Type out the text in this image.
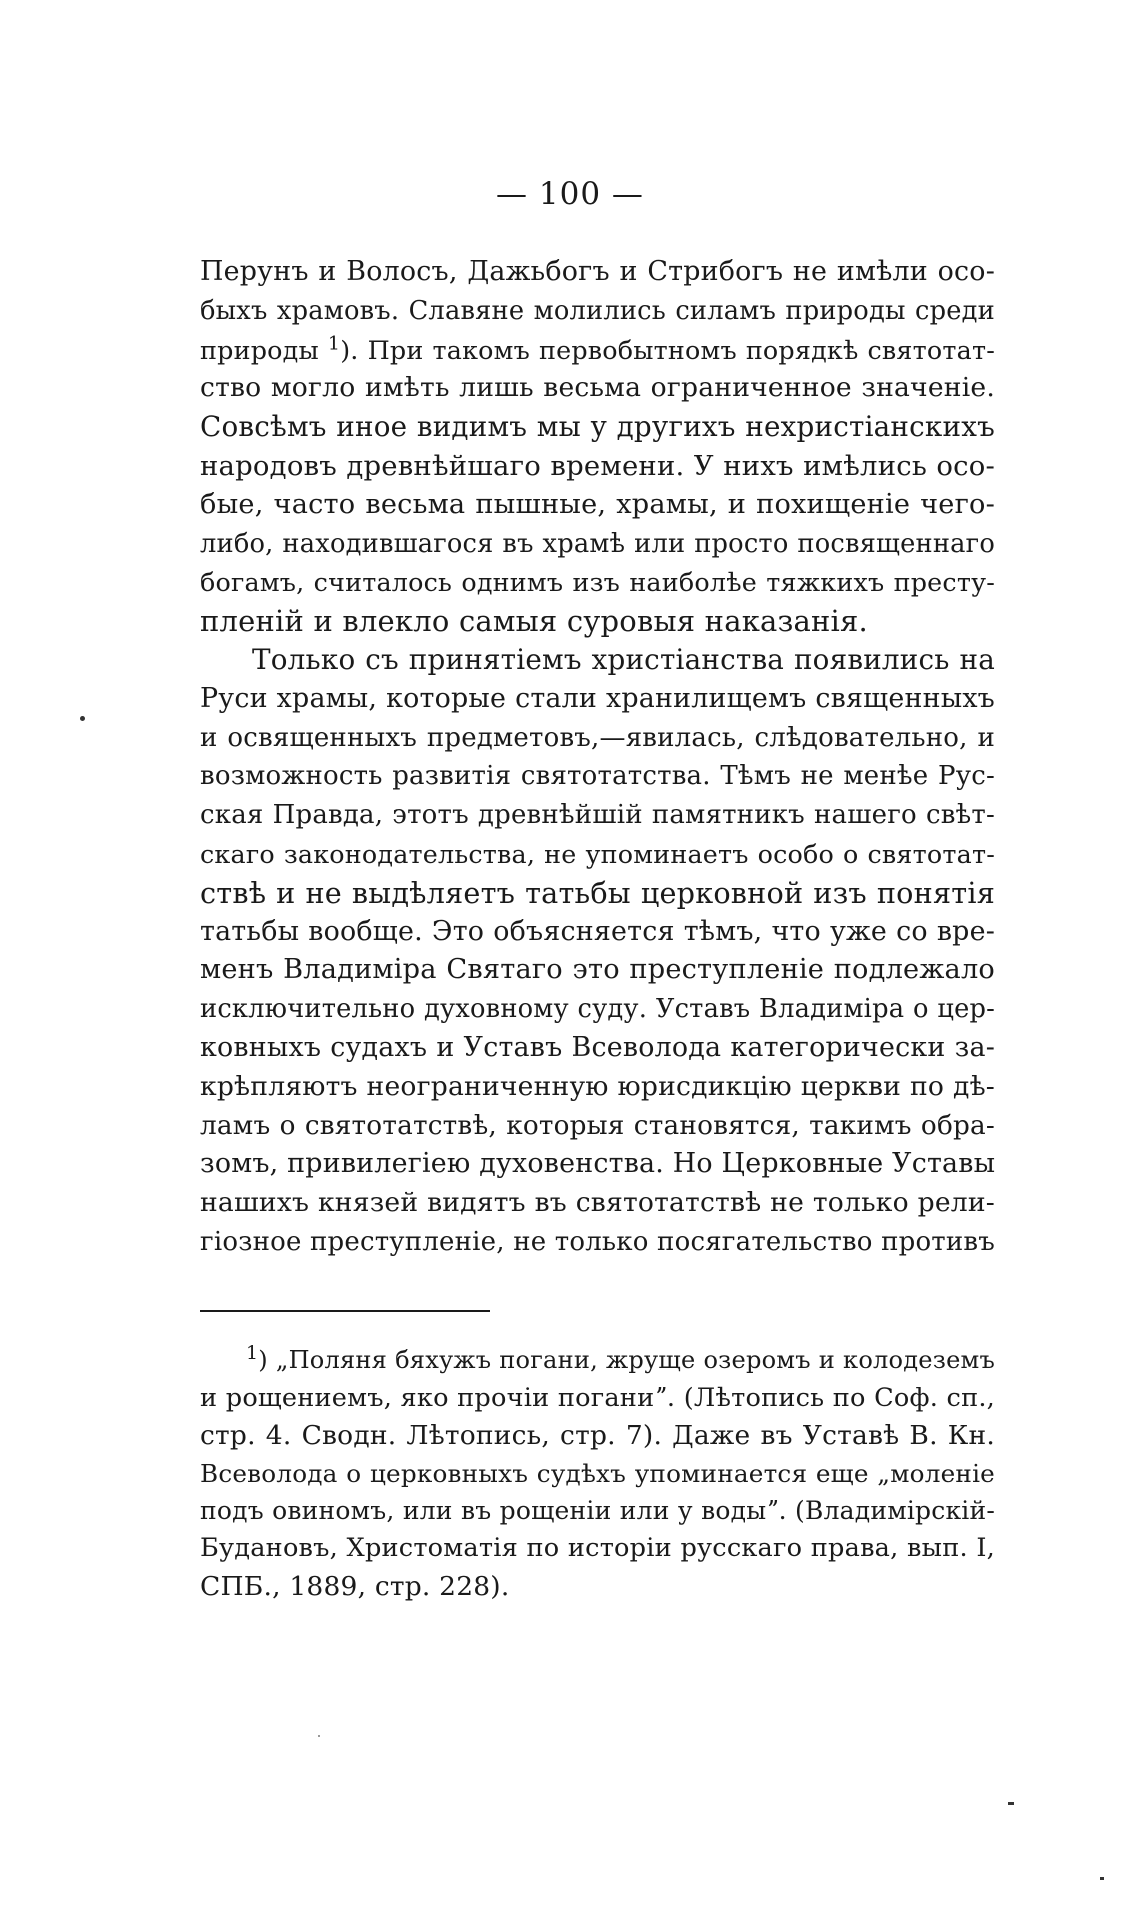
— 100 —
Перунъ и Волосъ, Дажьбогъ и Стрибогъ не имѣли осо-
быхъ храмовъ. Славяне молились силамъ природы среди
природы $^1$). При такомъ первобытномъ порядкѣ святотат-
ство могло имѣть лишь весьма ограниченное значеніе.
Совсѣмъ иное видимъ мы у другихъ нехристіанскихъ
народовъ древнѣйшаго времени. У нихъ имѣлись осо-
бые, часто весьма пышные, храмы, и похищеніе чего-
либо, находившагося въ храмѣ или просто посвященнаго
богамъ, считалось однимъ изъ наиболѣе тяжкихъ престу-
пленій и влекло самыя суровыя наказанія.
Только съ принятіемъ христіанства появились на
Руси храмы, которые стали хранилищемъ священныхъ
и освященныхъ предметовъ,—явилась, слѣдовательно, и
возможность развитія святотатства. Тѣмъ не менѣе Рус-
ская Правда, этотъ древнѣйшій памятникъ нашего свѣт-
скаго законодательства, не упоминаетъ особо о святотат-
ствѣ и не выдѣляетъ татьбы церковной изъ понятія
татьбы вообще. Это объясняется тѣмъ, что уже со вре-
менъ Владиміра Святаго это преступленіе подлежало
исключительно духовному суду. Уставъ Владиміра о цер-
ковныхъ судахъ и Уставъ Всеволода категорически за-
крѣпляютъ неограниченную юрисдикцію церкви по дѣ-
ламъ о святотатствѣ, которыя становятся, такимъ обра-
зомъ, привилегіею духовенства. Но Церковные Уставы
нашихъ князей видятъ въ святотатствѣ не только рели-
гіозное преступленіе, не только посягательство противъ
$^1$) „Поляня бяхужъ погани, жруще озеромъ и колодеземъ
и рощениемъ, яко прочіи поганиˮ. (Лѣтопись по Соф. сп.,
стр. 4. Сводн. Лѣтопись, стр. 7). Даже въ Уставѣ В. Кн.
Всеволода о церковныхъ судѣхъ упоминается еще „моленіе
подъ овиномъ, или въ рощеніи или у водыˮ. (Владимірскій-
Будановъ, Христоматія по исторіи русскаго права, вып. I,
СПБ., 1889, стр. 228).
